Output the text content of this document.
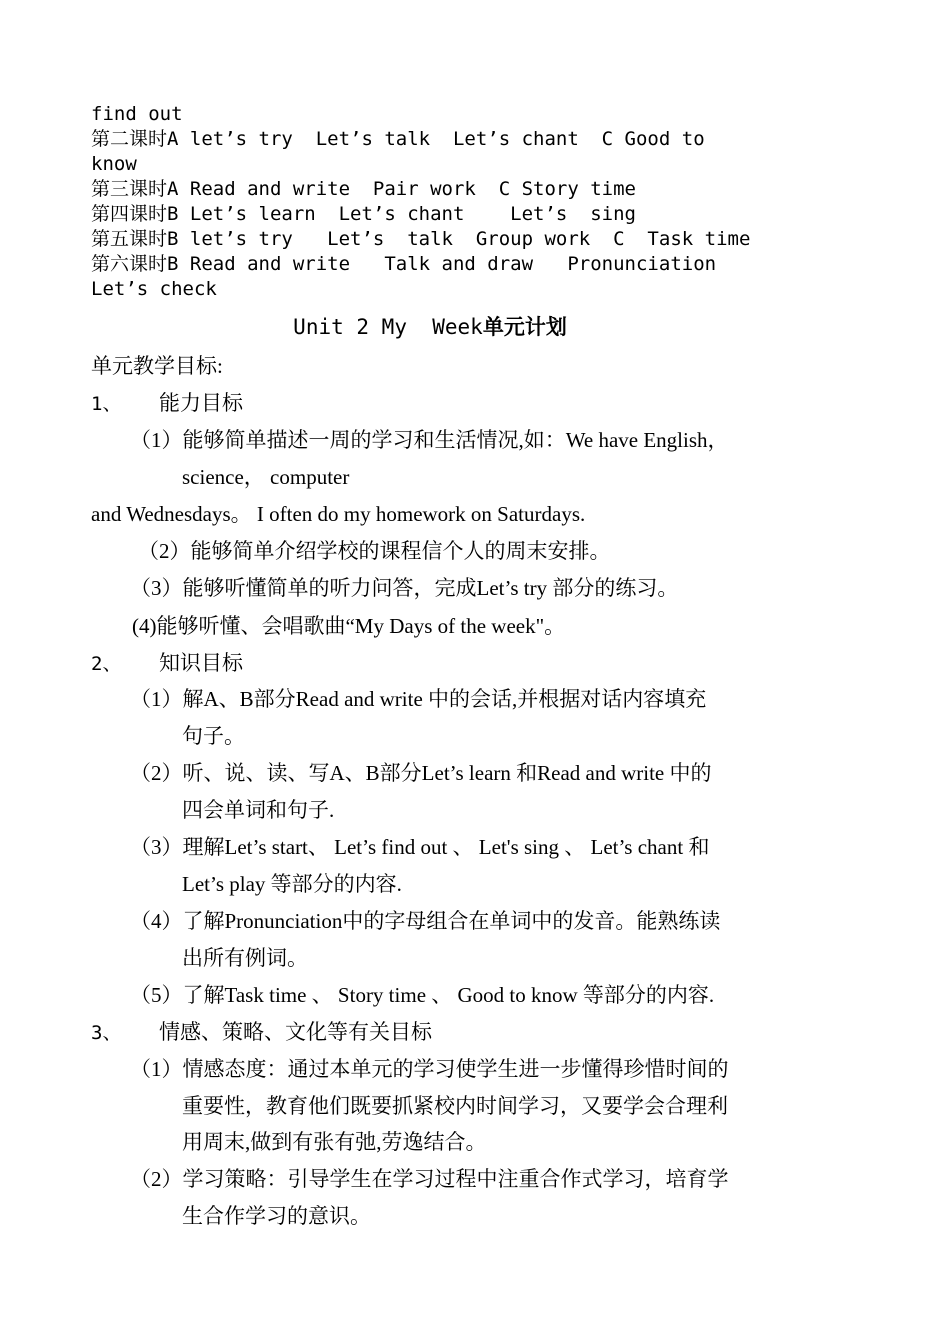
find out
第二课时A let’s try  Let’s talk  Let’s chant  C Good to
know
第三课时A Read and write  Pair work  C Story time
第四课时B Let’s learn  Let’s chant    Let’s  sing
第五课时B let’s try   Let’s  talk  Group work  C  Task time
第六课时B Read and write   Talk and draw   Pronunciation
Let’s check
Unit 2 My  Week单元计划
单元教学目标:
1、 能力目标
（1）能够简单描述一周的学习和生活情况,如：We have English，
science， computer
and Wednesdays。 I often do my homework on Saturdays.
（2）能够简单介绍学校的课程信个人的周末安排。
（3）能够听懂简单的听力问答，完成Let’s try 部分的练习。
(4)能够听懂、会唱歌曲“My Days of the week"。
2、 知识目标
（1）解A、B部分Read and write 中的会话,并根据对话内容填充
句子。
（2）听、说、读、写A、B部分Let’s learn 和Read and write 中的
四会单词和句子.
（3）理解Let’s start、 Let’s find out 、 Let's sing 、 Let’s chant 和
Let’s play 等部分的内容.
（4）了解Pronunciation中的字母组合在单词中的发音。能熟练读
出所有例词。
（5）了解Task time 、 Story time 、 Good to know 等部分的内容.
3、 情感、策略、文化等有关目标
（1）情感态度：通过本单元的学习使学生进一步懂得珍惜时间的
重要性，教育他们既要抓紧校内时间学习，又要学会合理利
用周末,做到有张有弛,劳逸结合。
（2）学习策略：引导学生在学习过程中注重合作式学习，培育学
生合作学习的意识。
